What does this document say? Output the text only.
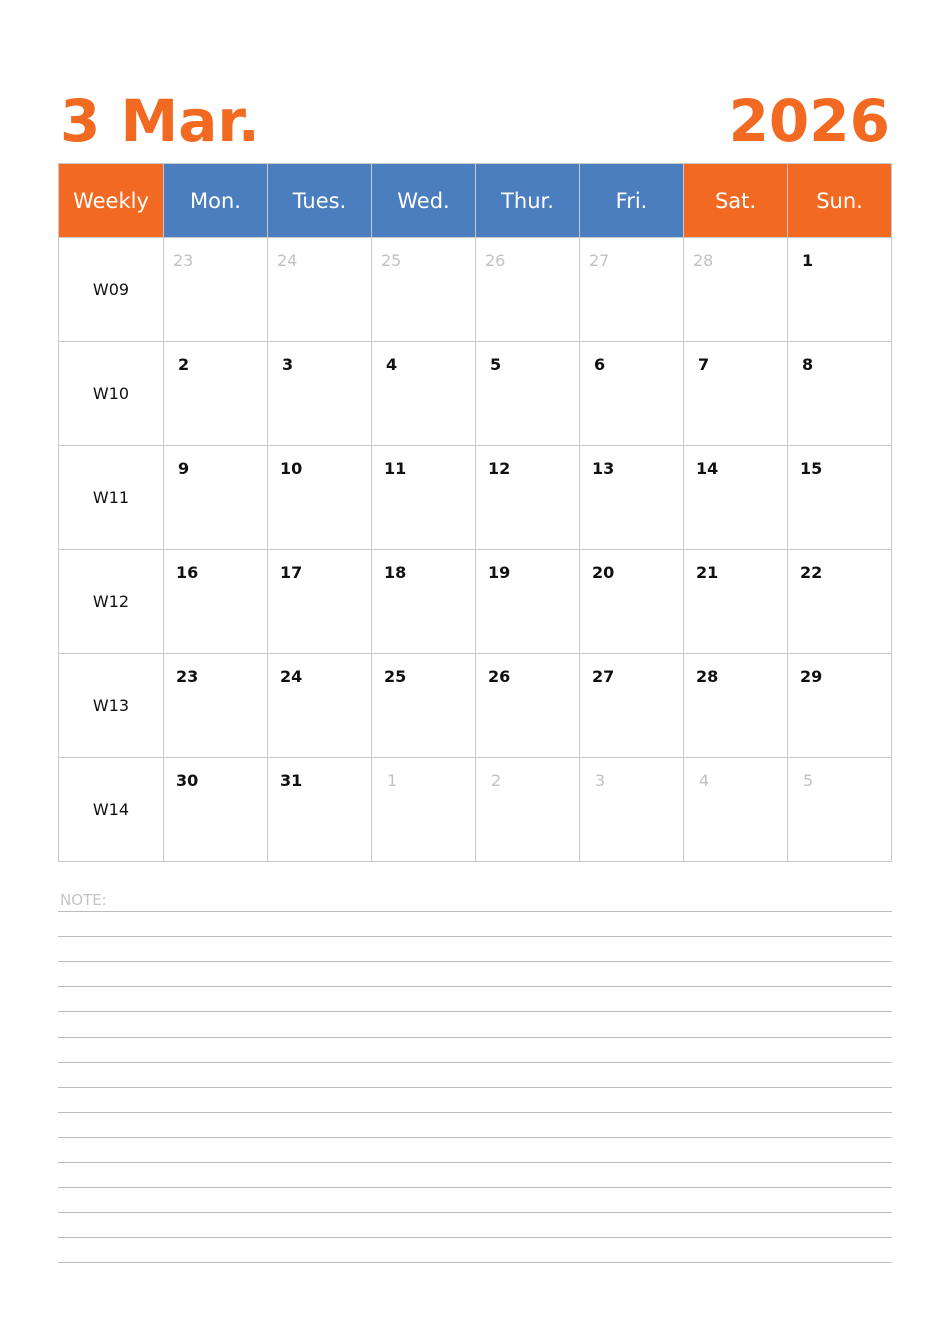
3 Mar.	2026
Weekly	Mon.	Tues.	Wed.	Thur.	Fri.	Sat.	Sun.
W09	23	24	25	26	27	28	1

W10	2	3	4	5	6	7	8

W11	9	10	11	12	13	14	15

W12	16	17	18	19	20	21	22

W13	23	24	25	26	27	28	29

W14	30	31	1	2	3	4	5
NOTE:
